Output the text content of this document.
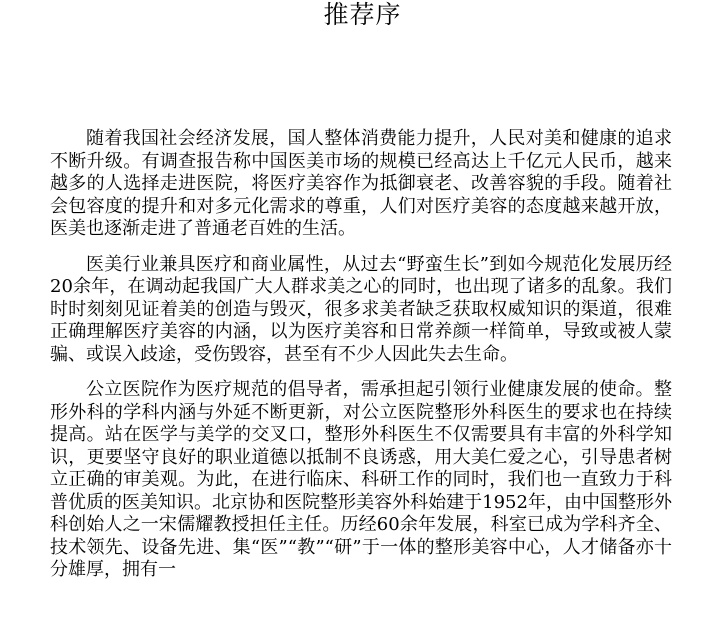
推荐序

随着我国社会经济发展，国人整体消费能力提升，人民对美和健康的追求不断升级。有调查报告称中国医美市场的规模已经高达上千亿元人民币，越来越多的人选择走进医院，将医疗美容作为抵御衰老、改善容貌的手段。随着社会包容度的提升和对多元化需求的尊重，人们对医疗美容的态度越来越开放，医美也逐渐走进了普通老百姓的生活。

医美行业兼具医疗和商业属性，从过去“野蛮生长”到如今规范化发展历经20余年，在调动起我国广大人群求美之心的同时，也出现了诸多的乱象。我们时时刻刻见证着美的创造与毁灭，很多求美者缺乏获取权威知识的渠道，很难正确理解医疗美容的内涵，以为医疗美容和日常养颜一样简单，导致或被人蒙骗、或误入歧途，受伤毁容，甚至有不少人因此失去生命。

公立医院作为医疗规范的倡导者，需承担起引领行业健康发展的使命。整形外科的学科内涵与外延不断更新，对公立医院整形外科医生的要求也在持续提高。站在医学与美学的交叉口，整形外科医生不仅需要具有丰富的外科学知识，更要坚守良好的职业道德以抵制不良诱惑，用大美仁爱之心，引导患者树立正确的审美观。为此，在进行临床、科研工作的同时，我们也一直致力于科普优质的医美知识。北京协和医院整形美容外科始建于1952年，由中国整形外科创始人之一宋儒耀教授担任主任。历经60余年发展，科室已成为学科齐全、技术领先、设备先进、集“医”“教”“研”于一体的整形美容中心，人才储备亦十分雄厚，拥有一
